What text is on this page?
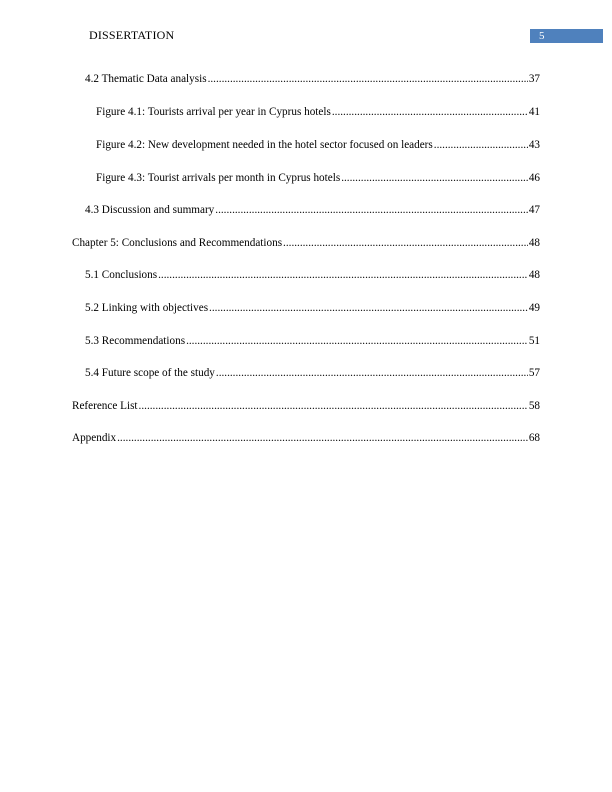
DISSERTATION	5
4.2 Thematic Data analysis .....	37
Figure 4.1: Tourists arrival per year in Cyprus hotels .....	41
Figure 4.2: New development needed in the hotel sector focused on leaders .....	43
Figure 4.3: Tourist arrivals per month in Cyprus hotels .....	46
4.3 Discussion and summary .....	47
Chapter 5: Conclusions and Recommendations .....	48
5.1 Conclusions .....	48
5.2 Linking with objectives .....	49
5.3 Recommendations .....	51
5.4 Future scope of the study .....	57
Reference List .....	58
Appendix .....	68
